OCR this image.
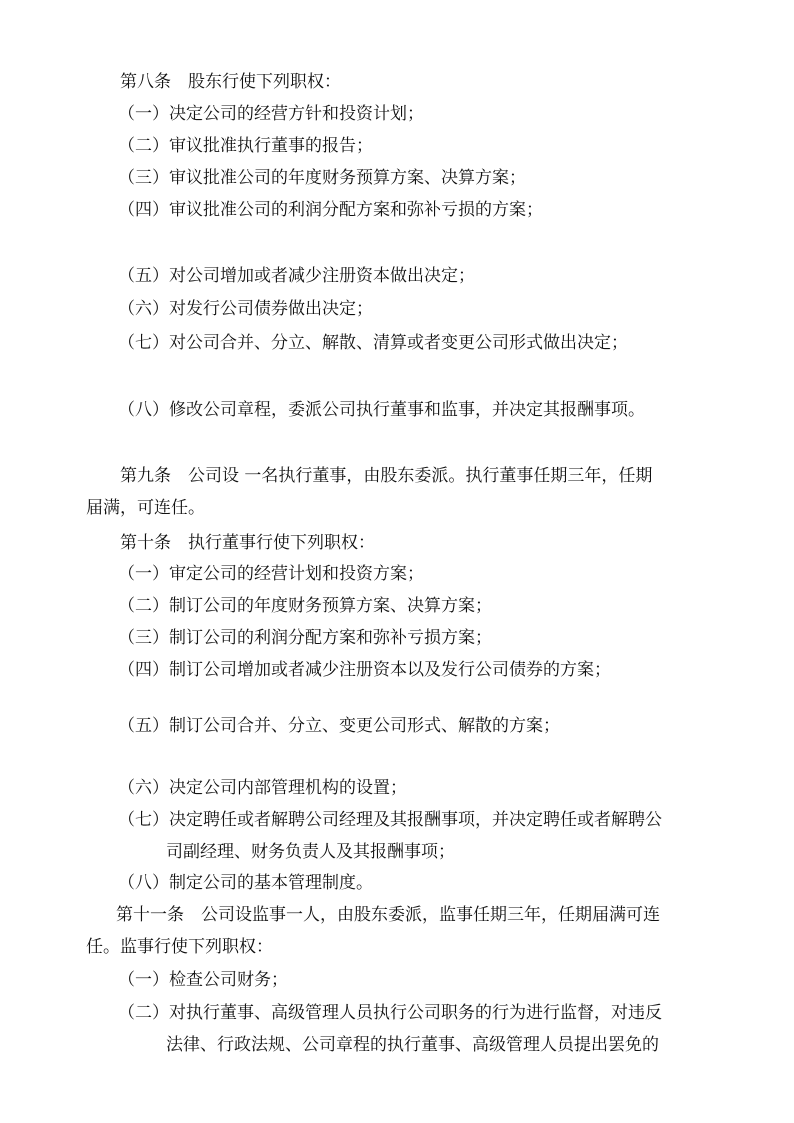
第八条　股东行使下列职权：
（一）决定公司的经营方针和投资计划；
（二）审议批准执行董事的报告；
（三）审议批准公司的年度财务预算方案、决算方案；
（四）审议批准公司的利润分配方案和弥补亏损的方案；
（五）对公司增加或者减少注册资本做出决定；
（六）对发行公司债券做出决定；
（七）对公司合并、分立、解散、清算或者变更公司形式做出决定；
（八）修改公司章程，委派公司执行董事和监事，并决定其报酬事项。
第九条　公司设 一名执行董事，由股东委派。执行董事任期三年，任期
届满，可连任。
第十条　执行董事行使下列职权：
（一）审定公司的经营计划和投资方案；
（二）制订公司的年度财务预算方案、决算方案；
（三）制订公司的利润分配方案和弥补亏损方案；
（四）制订公司增加或者减少注册资本以及发行公司债券的方案；
（五）制订公司合并、分立、变更公司形式、解散的方案；
（六）决定公司内部管理机构的设置；
（七）决定聘任或者解聘公司经理及其报酬事项，并决定聘任或者解聘公
司副经理、财务负责人及其报酬事项；
（八）制定公司的基本管理制度。
第十一条　公司设监事一人，由股东委派，监事任期三年，任期届满可连
任。监事行使下列职权：
（一）检查公司财务；
（二）对执行董事、高级管理人员执行公司职务的行为进行监督，对违反
法律、行政法规、公司章程的执行董事、高级管理人员提出罢免的
